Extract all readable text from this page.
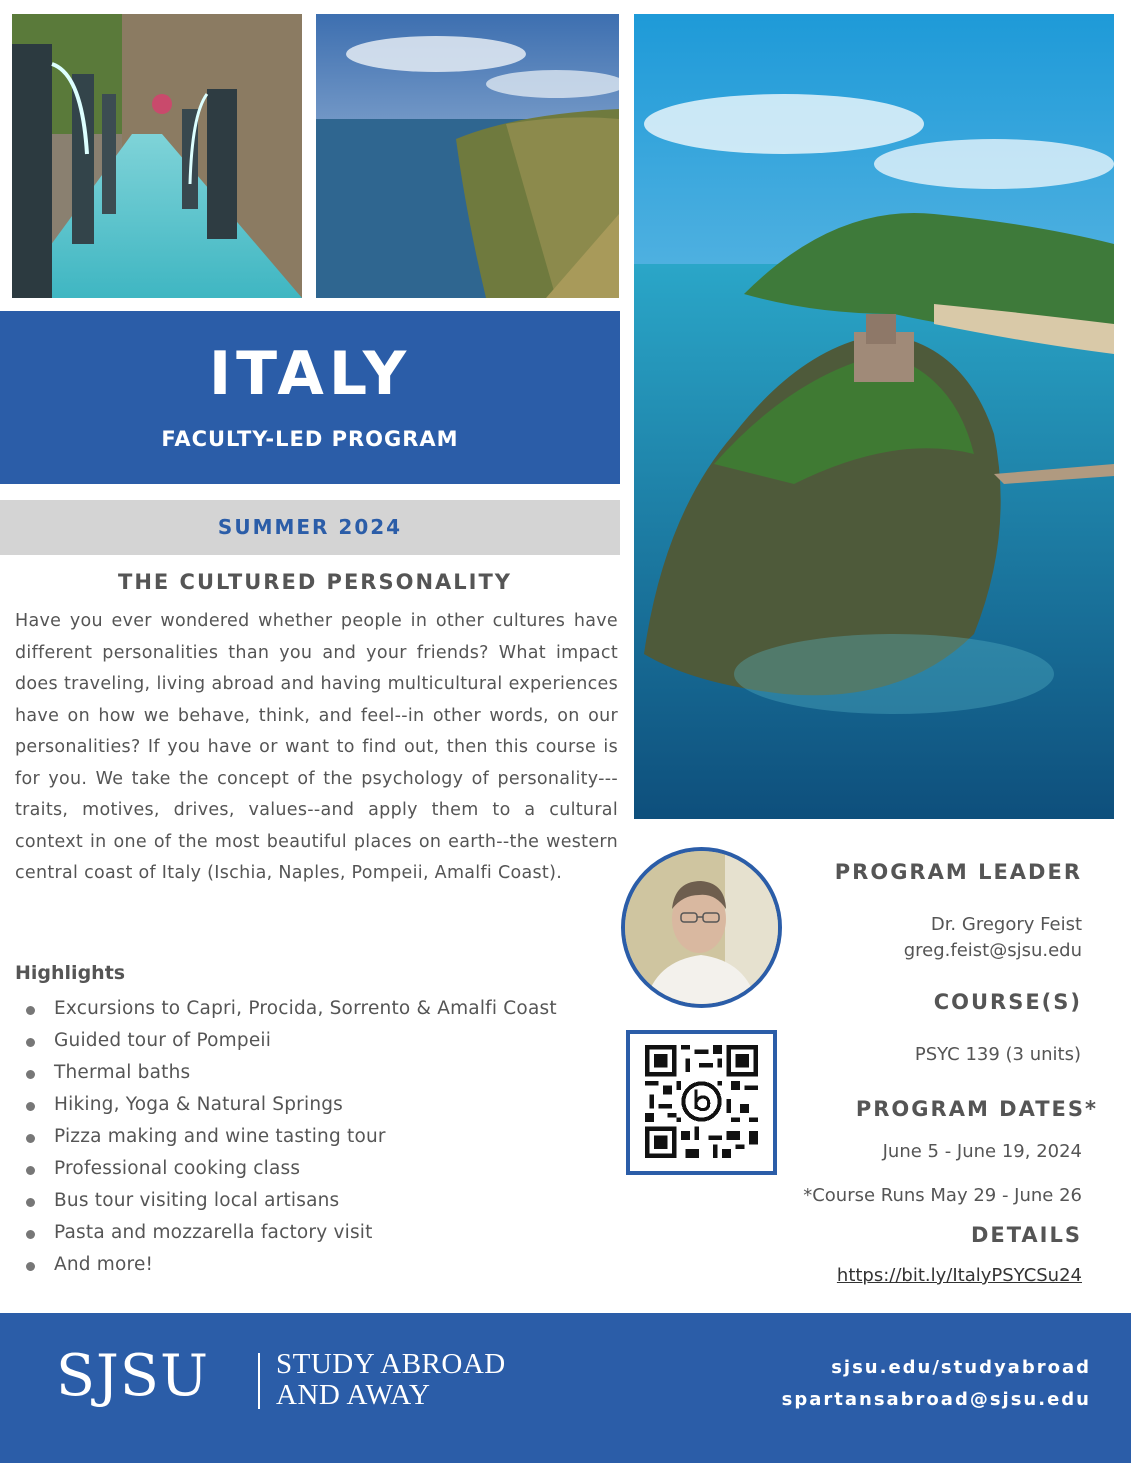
ITALY
FACULTY-LED PROGRAM
SUMMER 2024
THE CULTURED PERSONALITY
Have you ever wondered whether people in other cultures have different personalities than you and your friends? What impact does traveling, living abroad and having multicultural experiences have on how we behave, think, and feel--in other words, on our personalities? If you have or want to find out, then this course is for you. We take the concept of the psychology of personality---traits, motives, drives, values--and apply them to a cultural context in one of the most beautiful places on earth--the western central coast of Italy (Ischia, Naples, Pompeii, Amalfi Coast).
Highlights
Excursions to Capri, Procida, Sorrento & Amalfi Coast
Guided tour of Pompeii
Thermal baths
Hiking, Yoga & Natural Springs
Pizza making and wine tasting tour
Professional cooking class
Bus tour visiting local artisans
Pasta and mozzarella factory visit
And more!
PROGRAM LEADER
Dr. Gregory Feist
greg.feist@sjsu.edu
COURSE(S)
PSYC 139 (3 units)
PROGRAM DATES*
June 5 - June 19, 2024
*Course Runs May 29 - June 26
DETAILS
https://bit.ly/ItalyPSYCSu24
SJSU STUDY ABROAD
AND AWAY
sjsu.edu/studyabroad
spartansabroad@sjsu.edu
